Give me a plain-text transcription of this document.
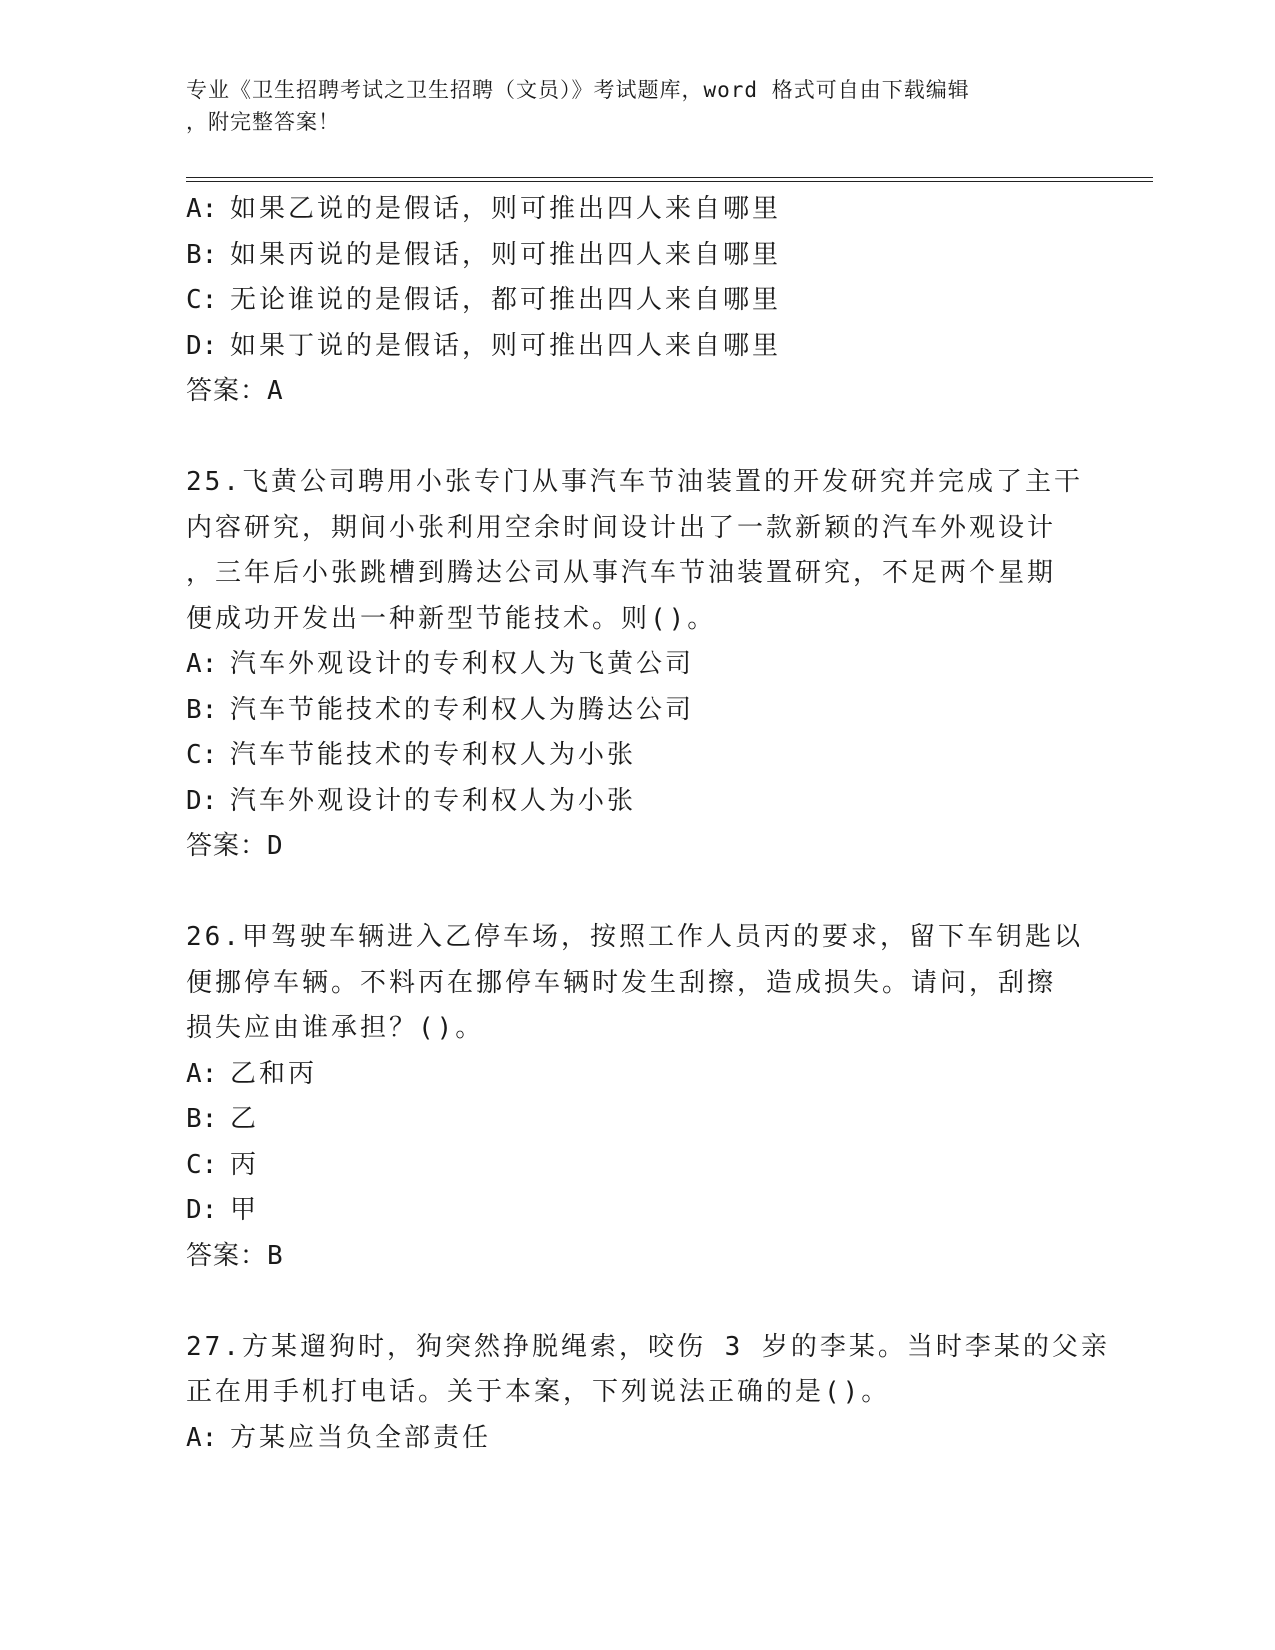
专业《卫生招聘考试之卫生招聘（文员）》考试题库，word 格式可自由下载编辑
，附完整答案！
A: 如果乙说的是假话，则可推出四人来自哪里
B: 如果丙说的是假话，则可推出四人来自哪里
C: 无论谁说的是假话，都可推出四人来自哪里
D: 如果丁说的是假话，则可推出四人来自哪里
答案：A
25.飞黄公司聘用小张专门从事汽车节油装置的开发研究并完成了主干
内容研究，期间小张利用空余时间设计出了一款新颖的汽车外观设计
，三年后小张跳槽到腾达公司从事汽车节油装置研究，不足两个星期
便成功开发出一种新型节能技术。则()。
A: 汽车外观设计的专利权人为飞黄公司
B: 汽车节能技术的专利权人为腾达公司
C: 汽车节能技术的专利权人为小张
D: 汽车外观设计的专利权人为小张
答案：D
26.甲驾驶车辆进入乙停车场，按照工作人员丙的要求，留下车钥匙以
便挪停车辆。不料丙在挪停车辆时发生刮擦，造成损失。请问，刮擦
损失应由谁承担？()。
A: 乙和丙
B: 乙
C: 丙
D: 甲
答案：B
27.方某遛狗时，狗突然挣脱绳索，咬伤 3 岁的李某。当时李某的父亲
正在用手机打电话。关于本案，下列说法正确的是()。
A: 方某应当负全部责任
